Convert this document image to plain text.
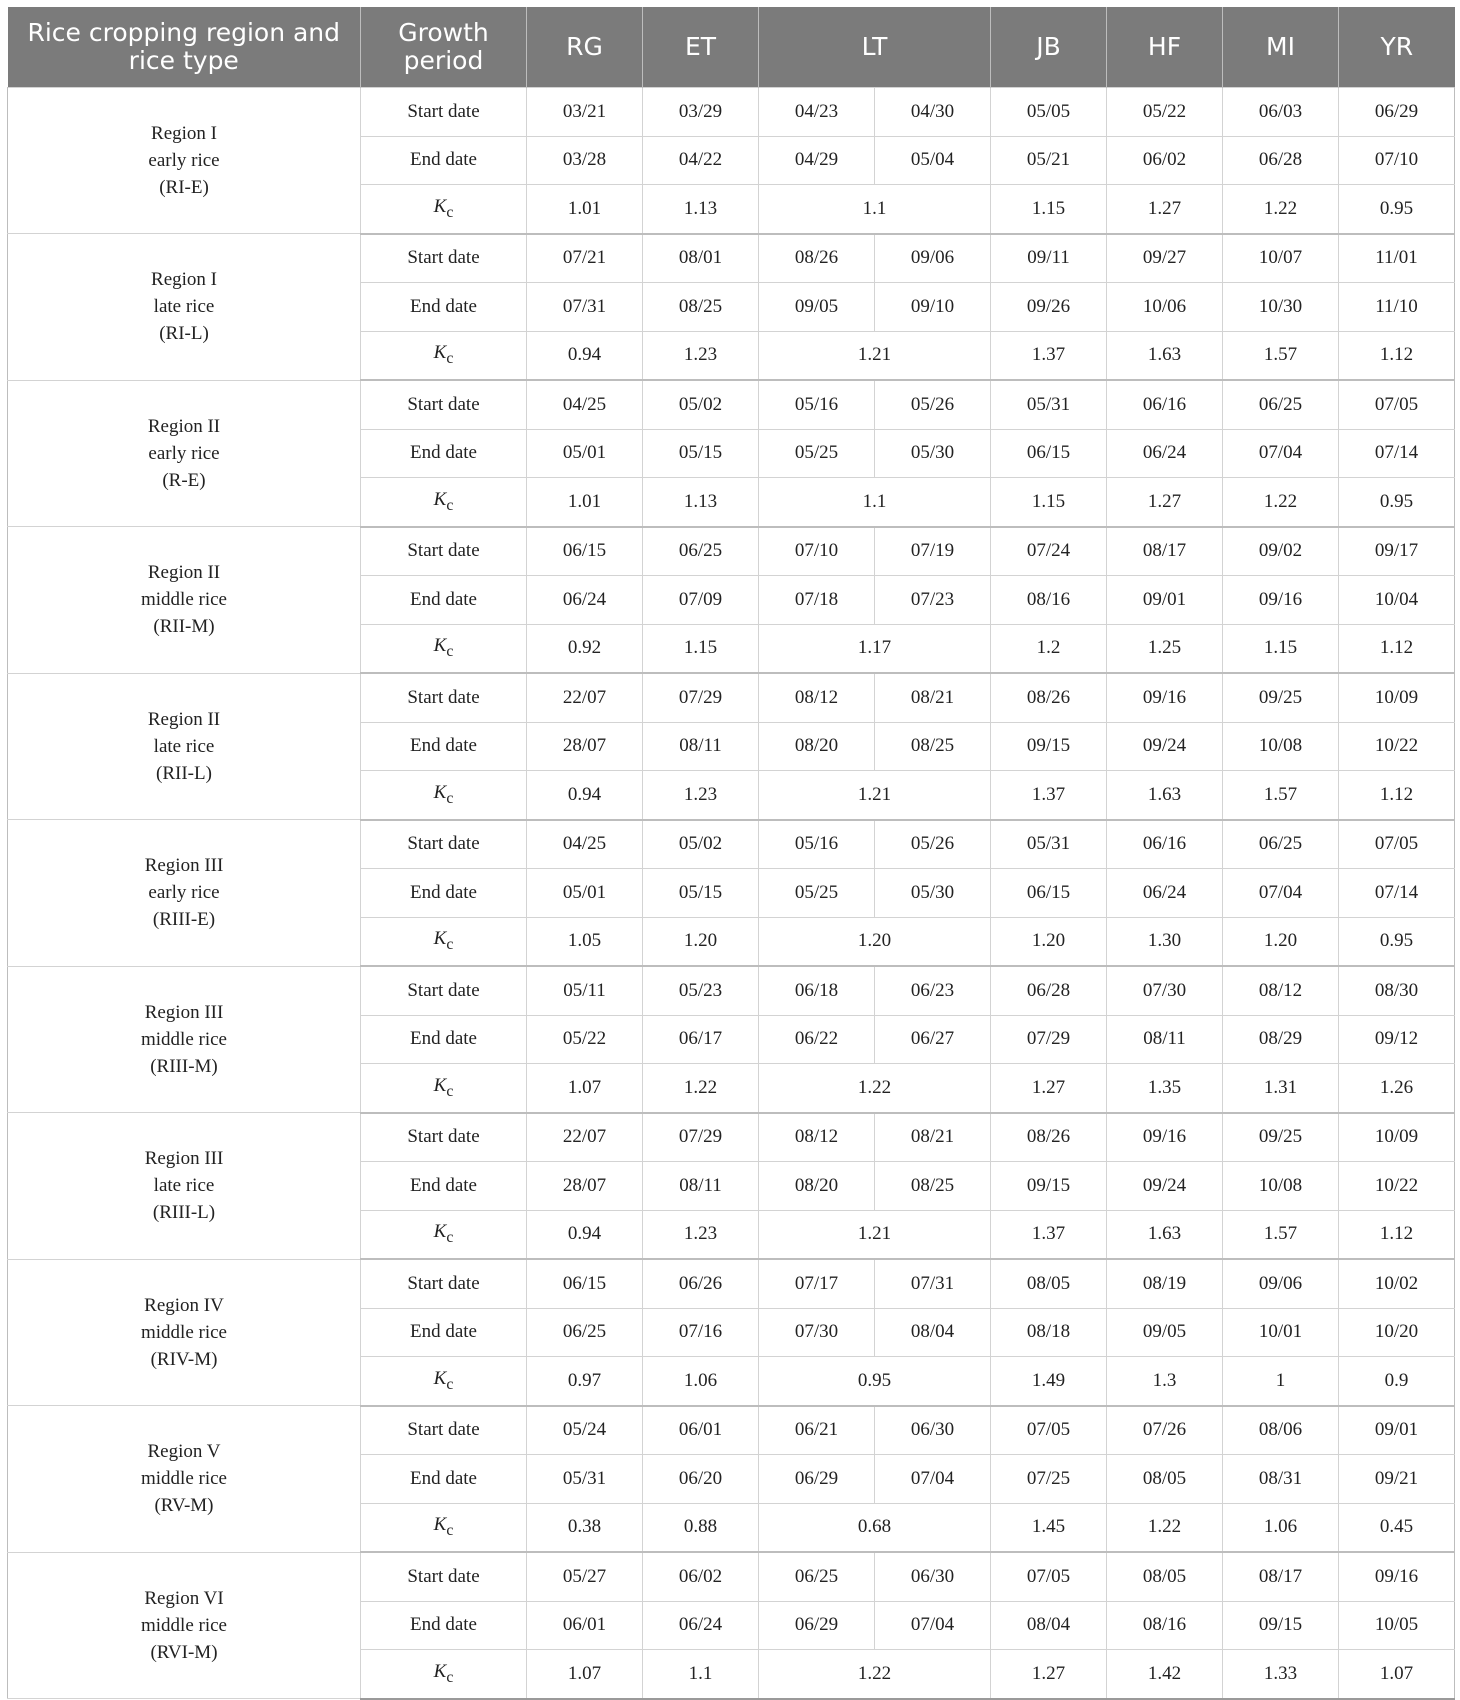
Rice cropping region and rice type	Growth period	RG	ET	LT		JB	HF	MI	YR

Region I
early rice
(RI-E)	Start date	03/21	03/29	04/23	04/30	05/05	05/22	06/03	06/29
	End date	03/28	04/22	04/29	05/04	05/21	06/02	06/28	07/10
	$K_c$	1.01	1.13	1.1		1.15	1.27	1.22	0.95

Region I
late rice
(RI-L)	Start date	07/21	08/01	08/26	09/06	09/11	09/27	10/07	11/01
	End date	07/31	08/25	09/05	09/10	09/26	10/06	10/30	11/10
	$K_c$	0.94	1.23	1.21		1.37	1.63	1.57	1.12

Region II
early rice
(R-E)	Start date	04/25	05/02	05/16	05/26	05/31	06/16	06/25	07/05
	End date	05/01	05/15	05/25	05/30	06/15	06/24	07/04	07/14
	$K_c$	1.01	1.13	1.1		1.15	1.27	1.22	0.95

Region II
middle rice
(RII-M)	Start date	06/15	06/25	07/10	07/19	07/24	08/17	09/02	09/17
	End date	06/24	07/09	07/18	07/23	08/16	09/01	09/16	10/04
	$K_c$	0.92	1.15	1.17		1.2	1.25	1.15	1.12

Region II
late rice
(RII-L)	Start date	22/07	07/29	08/12	08/21	08/26	09/16	09/25	10/09
	End date	28/07	08/11	08/20	08/25	09/15	09/24	10/08	10/22
	$K_c$	0.94	1.23	1.21		1.37	1.63	1.57	1.12

Region III
early rice
(RIII-E)	Start date	04/25	05/02	05/16	05/26	05/31	06/16	06/25	07/05
	End date	05/01	05/15	05/25	05/30	06/15	06/24	07/04	07/14
	$K_c$	1.05	1.20	1.20		1.20	1.30	1.20	0.95

Region III
middle rice
(RIII-M)	Start date	05/11	05/23	06/18	06/23	06/28	07/30	08/12	08/30
	End date	05/22	06/17	06/22	06/27	07/29	08/11	08/29	09/12
	$K_c$	1.07	1.22	1.22		1.27	1.35	1.31	1.26

Region III
late rice
(RIII-L)	Start date	22/07	07/29	08/12	08/21	08/26	09/16	09/25	10/09
	End date	28/07	08/11	08/20	08/25	09/15	09/24	10/08	10/22
	$K_c$	0.94	1.23	1.21		1.37	1.63	1.57	1.12

Region IV
middle rice
(RIV-M)	Start date	06/15	06/26	07/17	07/31	08/05	08/19	09/06	10/02
	End date	06/25	07/16	07/30	08/04	08/18	09/05	10/01	10/20
	$K_c$	0.97	1.06	0.95		1.49	1.3	1	0.9

Region V
middle rice
(RV-M)	Start date	05/24	06/01	06/21	06/30	07/05	07/26	08/06	09/01
	End date	05/31	06/20	06/29	07/04	07/25	08/05	08/31	09/21
	$K_c$	0.38	0.88	0.68		1.45	1.22	1.06	0.45

Region VI
middle rice
(RVI-M)	Start date	05/27	06/02	06/25	06/30	07/05	08/05	08/17	09/16
	End date	06/01	06/24	06/29	07/04	08/04	08/16	09/15	10/05
	$K_c$	1.07	1.1	1.22		1.27	1.42	1.33	1.07
